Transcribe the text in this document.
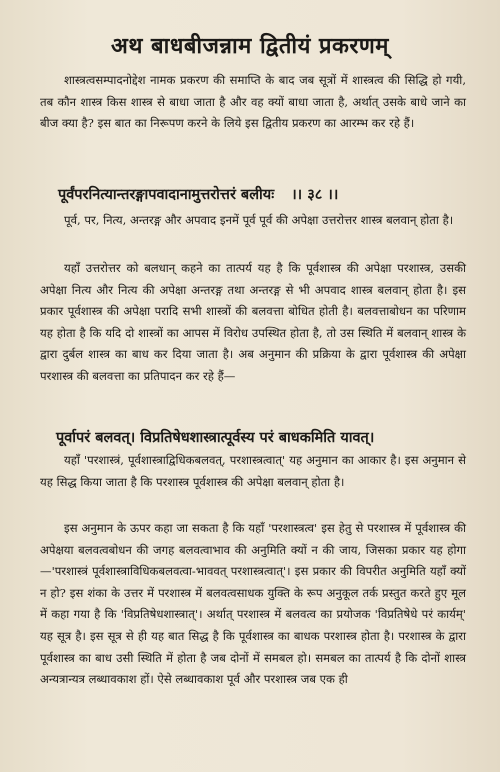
अथ बाधबीजन्नाम द्वितीयं प्रकरणम्
शास्त्रत्वसम्पादनोद्देश नामक प्रकरण की समाप्ति के बाद जब सूत्रों में शास्त्रत्व की सिद्धि हो गयी, तब कौन शास्त्र किस शास्त्र से बाधा जाता है और वह क्यों बाधा जाता है, अर्थात् उसके बाधे जाने का बीज क्या है? इस बात का निरूपण करने के लिये इस द्वितीय प्रकरण का आरम्भ कर रहे हैं।
पूर्वंपरनित्यान्तरङ्गापवादानामुत्तरोत्तरं बलीयः ।। ३८ ।।
पूर्व, पर, नित्य, अन्तरङ्ग और अपवाद इनमें पूर्व पूर्व की अपेक्षा उत्तरोत्तर शास्त्र बलवान् होता है।
यहाँ उत्तरोत्तर को बलधान् कहने का तात्पर्य यह है कि पूर्वशास्त्र की अपेक्षा परशास्त्र, उसकी अपेक्षा नित्य और नित्य की अपेक्षा अन्तरङ्ग तथा अन्तरङ्ग से भी अपवाद शास्त्र बलवान् होता है। इस प्रकार पूर्वशास्त्र की अपेक्षा परादि सभी शास्त्रों की बलवत्ता बोधित होती है। बलवत्ताबोधन का परिणाम यह होता है कि यदि दो शास्त्रों का आपस में विरोध उपस्थित होता है, तो उस स्थिति में बलवान् शास्त्र के द्वारा दुर्बल शास्त्र का बाध कर दिया जाता है। अब अनुमान की प्रक्रिया के द्वारा पूर्वशास्त्र की अपेक्षा परशास्त्र की बलवत्ता का प्रतिपादन कर रहे हैं—
पूर्वापरं बलवत्। विप्रतिषेधशास्त्रात्पूर्वस्य परं बाधकमिति यावत्।
यहाँ 'परशास्त्रं, पूर्वशास्त्राद्विधिकबलवत्, परशास्त्रत्वात्' यह अनुमान का आकार है। इस अनुमान से यह सिद्ध किया जाता है कि परशास्त्र पूर्वशास्त्र की अपेक्षा बलवान् होता है।
इस अनुमान के ऊपर कहा जा सकता है कि यहाँ 'परशास्त्रत्व' इस हेतु से परशास्त्र में पूर्वशास्त्र की अपेक्षया बलवत्वबोधन की जगह बलवत्वाभाव की अनुमिति क्यों न की जाय, जिसका प्रकार यह होगा—'परशास्त्रं पूर्वशास्त्राविधिकबलवत्वा-भाववत् परशास्त्रत्वात्'। इस प्रकार की विपरीत अनुमिति यहाँ क्यों न हो? इस शंका के उत्तर में परशास्त्र में बलवत्वसाधक युक्ति के रूप अनुकूल तर्क प्रस्तुत करते हुए मूल में कहा गया है कि 'विप्रतिषेधशास्त्रात्'। अर्थात् परशास्त्र में बलवत्व का प्रयोजक 'विप्रतिषेधे परं कार्यम्' यह सूत्र है। इस सूत्र से ही यह बात सिद्ध है कि पूर्वशास्त्र का बाधक परशास्त्र होता है। परशास्त्र के द्वारा पूर्वशास्त्र का बाध उसी स्थिति में होता है जब दोनों में समबल हो। समबल का तात्पर्य है कि दोनों शास्त्र अन्यत्रान्यत्र लब्धावकाश हों। ऐसे लब्धावकाश पूर्व और परशास्त्र जब एक ही
